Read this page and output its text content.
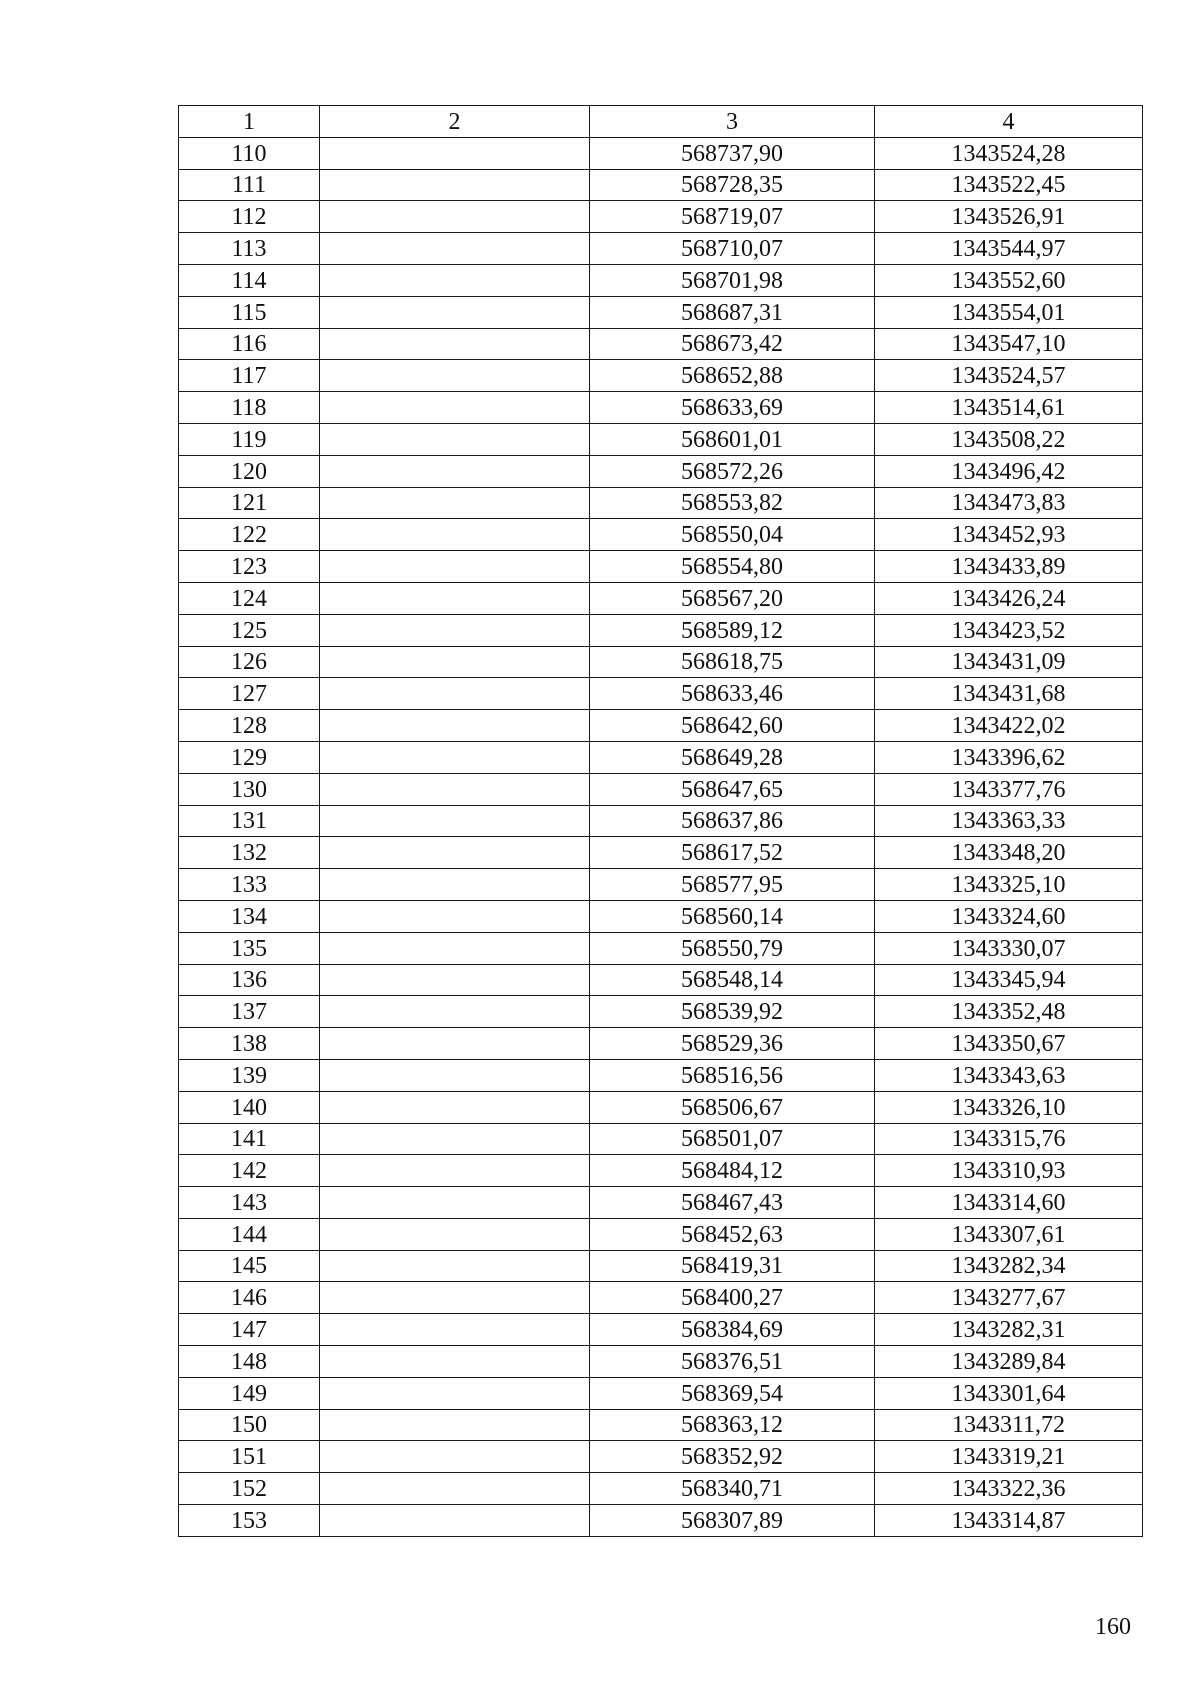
1	2	3	4
110		568737,90	1343524,28
111		568728,35	1343522,45
112		568719,07	1343526,91
113		568710,07	1343544,97
114		568701,98	1343552,60
115		568687,31	1343554,01
116		568673,42	1343547,10
117		568652,88	1343524,57
118		568633,69	1343514,61
119		568601,01	1343508,22
120		568572,26	1343496,42
121		568553,82	1343473,83
122		568550,04	1343452,93
123		568554,80	1343433,89
124		568567,20	1343426,24
125		568589,12	1343423,52
126		568618,75	1343431,09
127		568633,46	1343431,68
128		568642,60	1343422,02
129		568649,28	1343396,62
130		568647,65	1343377,76
131		568637,86	1343363,33
132		568617,52	1343348,20
133		568577,95	1343325,10
134		568560,14	1343324,60
135		568550,79	1343330,07
136		568548,14	1343345,94
137		568539,92	1343352,48
138		568529,36	1343350,67
139		568516,56	1343343,63
140		568506,67	1343326,10
141		568501,07	1343315,76
142		568484,12	1343310,93
143		568467,43	1343314,60
144		568452,63	1343307,61
145		568419,31	1343282,34
146		568400,27	1343277,67
147		568384,69	1343282,31
148		568376,51	1343289,84
149		568369,54	1343301,64
150		568363,12	1343311,72
151		568352,92	1343319,21
152		568340,71	1343322,36
153		568307,89	1343314,87
160
